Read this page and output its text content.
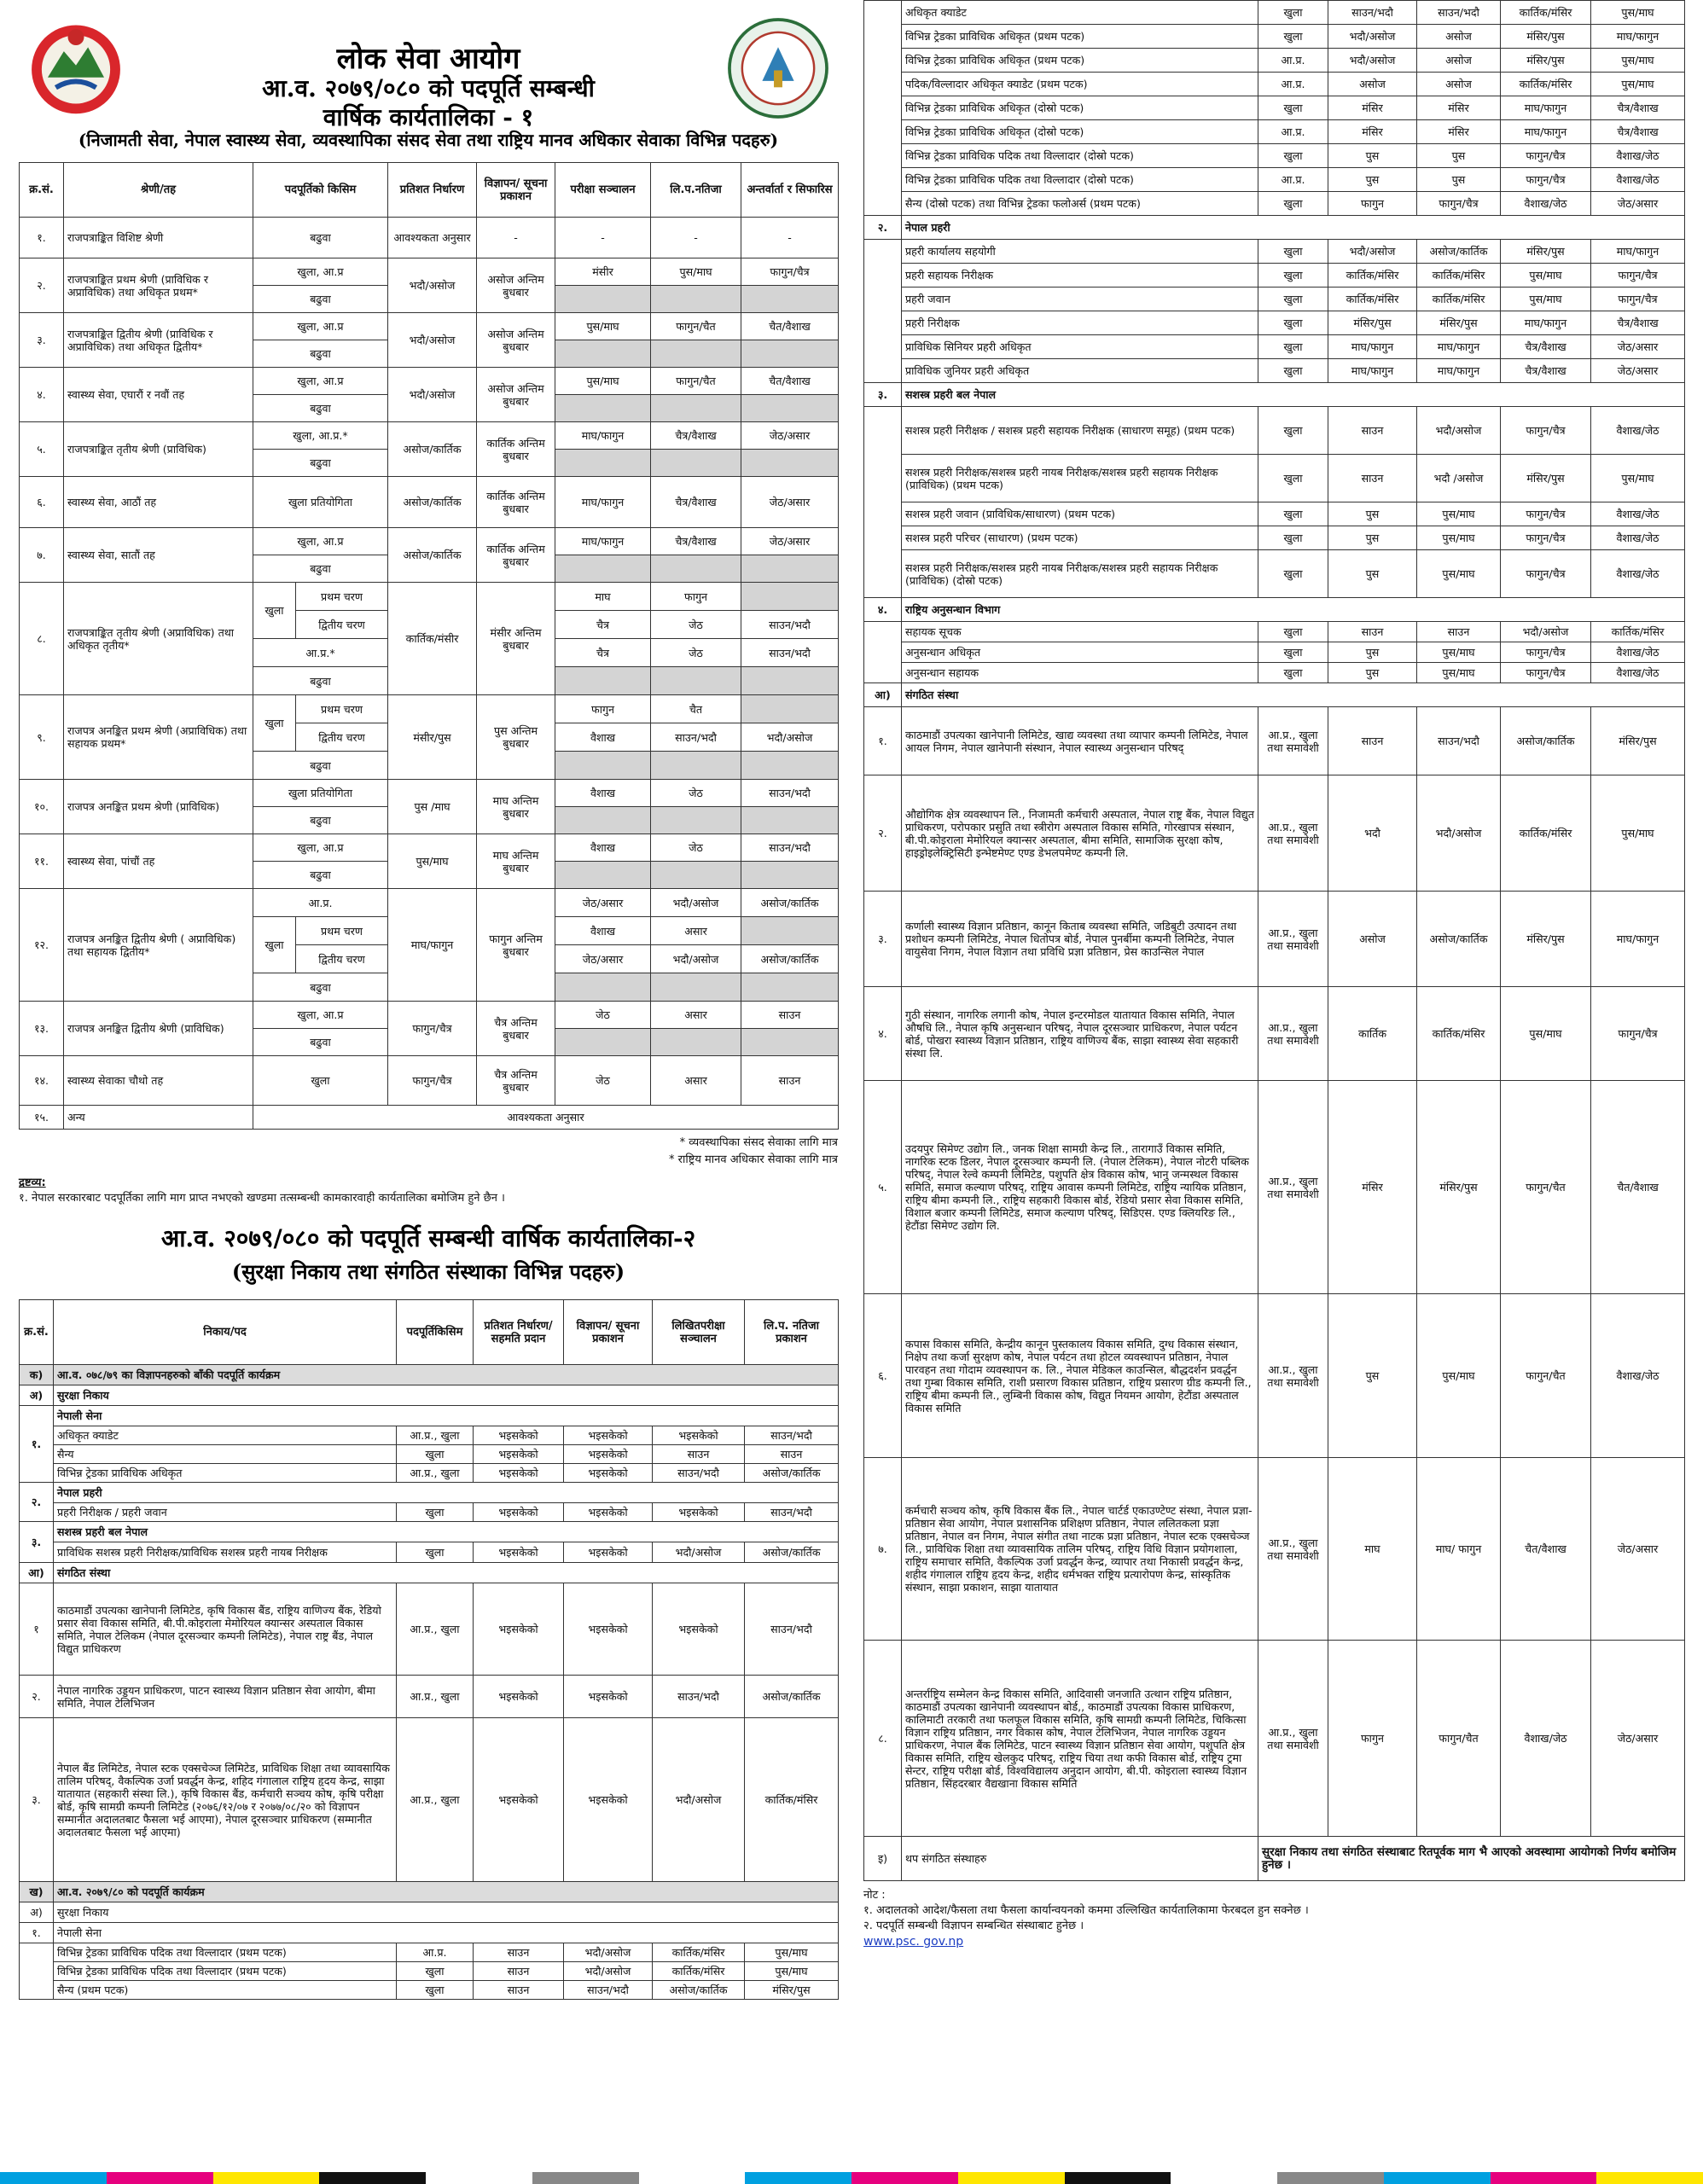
लोक सेवा आयोग
आ.व. २०७९/०८० को पदपूर्ति सम्बन्धी
वार्षिक कार्यतालिका - १
(निजामती सेवा, नेपाल स्वास्थ्य सेवा, व्यवस्थापिका संसद सेवा तथा राष्ट्रिय मानव अधिकार सेवाका विभिन्न पदहरु)
क्र.सं.	श्रेणी/तह	पदपूर्तिको किसिम		प्रतिशत निर्धारण	विज्ञापन/ सूचना प्रकाशन	परीक्षा सञ्चालन	लि.प.नतिजा	अन्तर्वार्ता र सिफारिस
१.	राजपत्राङ्कित विशिष्ट श्रेणी	बढुवा		आवश्यकता अनुसार	-	-	-	-
२.	राजपत्राङ्कित प्रथम श्रेणी (प्राविधिक र अप्राविधिक) तथा अधिकृत प्रथम*	खुला, आ.प्र		भदौ/असोज	असोज अन्तिम बुधबार	मंसीर	पुस/माघ	फागुन/चैत्र
		बढुवा						
३.	राजपत्राङ्कित द्वितीय श्रेणी (प्राविधिक र अप्राविधिक) तथा अधिकृत द्वितीय*	खुला, आ.प्र		भदौ/असोज	असोज अन्तिम बुधबार	पुस/माघ	फागुन/चैत	चैत/वैशाख
		बढुवा						
४.	स्वास्थ्य सेवा, एघारौं र नवौं तह	खुला, आ.प्र		भदौ/असोज	असोज अन्तिम बुधबार	पुस/माघ	फागुन/चैत	चैत/वैशाख
		बढुवा						
५.	राजपत्राङ्कित तृतीय श्रेणी (प्राविधिक)	खुला, आ.प्र.*		असोज/कार्तिक	कार्तिक अन्तिम बुधबार	माघ/फागुन	चैत्र/वैशाख	जेठ/असार
		बढुवा						
६.	स्वास्थ्य सेवा, आठौं तह	खुला प्रतियोगिता		असोज/कार्तिक	कार्तिक अन्तिम बुधबार	माघ/फागुन	चैत्र/वैशाख	जेठ/असार
७.	स्वास्थ्य सेवा, सातौं तह	खुला, आ.प्र		असोज/कार्तिक	कार्तिक अन्तिम बुधबार	माघ/फागुन	चैत्र/वैशाख	जेठ/असार
		बढुवा						
८.	राजपत्राङ्कित तृतीय श्रेणी (अप्राविधिक) तथा अधिकृत तृतीय*	खुला	प्रथम चरण	कार्तिक/मंसीर	मंसीर अन्तिम बुधबार	माघ	फागुन	
			द्वितीय चरण			चैत्र	जेठ	साउन/भदौ
		आ.प्र.*				चैत्र	जेठ	साउन/भदौ
		बढुवा						
९.	राजपत्र अनङ्कित प्रथम श्रेणी (अप्राविधिक) तथा सहायक प्रथम*	खुला	प्रथम चरण	मंसीर/पुस	पुस अन्तिम बुधबार	फागुन	चैत	
			द्वितीय चरण			वैशाख	साउन/भदौ	भदौ/असोज
		बढुवा						
१०.	राजपत्र अनङ्कित प्रथम श्रेणी (प्राविधिक)	खुला प्रतियोगिता		पुस /माघ	माघ अन्तिम बुधबार	वैशाख	जेठ	साउन/भदौ
		बढुवा						
११.	स्वास्थ्य सेवा, पांचौं तह	खुला, आ.प्र		पुस/माघ	माघ अन्तिम बुधबार	वैशाख	जेठ	साउन/भदौ
		बढुवा						
१२.	राजपत्र अनङ्कित द्वितीय श्रेणी ( अप्राविधिक) तथा सहायक द्वितीय*	आ.प्र.		माघ/फागुन	फागुन अन्तिम बुधबार	जेठ/असार	भदौ/असोज	असोज/कार्तिक
		खुला	प्रथम चरण			वैशाख	असार	
			द्वितीय चरण			जेठ/असार	भदौ/असोज	असोज/कार्तिक
		बढुवा						
१३.	राजपत्र अनङ्कित द्वितीय श्रेणी (प्राविधिक)	खुला, आ.प्र		फागुन/चैत्र	चैत्र अन्तिम बुधबार	जेठ	असार	साउन
		बढुवा						
१४.	स्वास्थ्य सेवाका चौथो तह	खुला		फागुन/चैत्र	चैत्र अन्तिम बुधबार	जेठ	असार	साउन
१५.	अन्य	आवश्यकता अनुसार						
* व्यवस्थापिका संसद सेवाका लागि मात्र
* राष्ट्रिय मानव अधिकार सेवाका लागि मात्र
द्रष्टव्य:
१. नेपाल सरकारबाट पदपूर्तिका लागि माग प्राप्त नभएको खण्डमा तत्सम्बन्धी कामकारवाही कार्यतालिका बमोजिम हुने छैन ।
आ.व. २०७९/०८० को पदपूर्ति सम्बन्धी वार्षिक कार्यतालिका-२
(सुरक्षा निकाय तथा संगठित संस्थाका विभिन्न पदहरु)
क्र.सं.	निकाय/पद	पदपूर्तिकिसिम	प्रतिशत निर्धारण/ सहमति प्रदान	विज्ञापन/ सूचना प्रकाशन	लिखितपरीक्षा सञ्चालन	लि.प. नतिजा प्रकाशन
क)	आ.व. ०७८/७९ का विज्ञापनहरुको बाँकी पदपूर्ति कार्यक्रम					
अ)	सुरक्षा निकाय					
१.	नेपाली सेना					
	अधिकृत क्याडेट	आ.प्र., खुला	भइसकेको	भइसकेको	भइसकेको	साउन/भदौ
	सैन्य	खुला	भइसकेको	भइसकेको	साउन	साउन
	विभिन्न ट्रेडका प्राविधिक अधिकृत	आ.प्र., खुला	भइसकेको	भइसकेको	साउन/भदौ	असोज/कार्तिक
२.	नेपाल प्रहरी					
	प्रहरी निरीक्षक / प्रहरी जवान	खुला	भइसकेको	भइसकेको	भइसकेको	साउन/भदौ
३.	सशस्त्र प्रहरी बल नेपाल					
	प्राविधिक सशस्त्र प्रहरी निरीक्षक/प्राविधिक सशस्त्र प्रहरी नायब निरीक्षक	खुला	भइसकेको	भइसकेको	भदौ/असोज	असोज/कार्तिक
आ)	संगठित संस्था					
१	काठमाडौं उपत्यका खानेपानी लिमिटेड, कृषि विकास बैंड, राष्ट्रिय वाणिज्य बैंक, रेडियो प्रसार सेवा विकास समिति, बी.पी.कोइराला मेमोरियल क्यान्सर अस्पताल विकास समिति, नेपाल टेलिकम (नेपाल दूरसञ्चार कम्पनी लिमिटेड), नेपाल राष्ट्र बैंड, नेपाल विद्युत प्राधिकरण	आ.प्र., खुला	भइसकेको	भइसकेको	भइसकेको	साउन/भदौ
२.	नेपाल नागरिक उड्डयन प्राधिकरण, पाटन स्वास्थ्य विज्ञान प्रतिष्ठान सेवा आयोग, बीमा समिति, नेपाल टेलिभिजन	आ.प्र., खुला	भइसकेको	भइसकेको	साउन/भदौ	असोज/कार्तिक
३.	नेपाल बैंड लिमिटेड, नेपाल स्टक एक्सचेञ्ज लिमिटेड, प्राविधिक शिक्षा तथा व्यावसायिक तालिम परिषद्, वैकल्पिक उर्जा प्रवर्द्धन केन्द्र, शहिद गंगालाल राष्ट्रिय हृदय केन्द्र, साझा यातायात (सहकारी संस्था लि.), कृषि विकास बैंड, कर्मचारी सञ्चय कोष, कृषि परीक्षा बोर्ड, कृषि सामग्री कम्पनी लिमिटेड (२०७६/१२/०७ र २०७७/०८/२० को विज्ञापन सम्मानीत अदालतबाट फैसला भई आएमा), नेपाल दूरसञ्चार प्राधिकरण (सम्मानीत अदालतबाट फैसला भई आएमा)	आ.प्र., खुला	भइसकेको	भइसकेको	भदौ/असोज	कार्तिक/मंसिर
ख)	आ.व. २०७९/८० को पदपूर्ति कार्यक्रम					
अ)	सुरक्षा निकाय					
१.	नेपाली सेना					
	विभिन्न ट्रेडका प्राविधिक पदिक तथा विल्लादार (प्रथम पटक)	आ.प्र.	साउन	भदौ/असोज	कार्तिक/मंसिर	पुस/माघ
	विभिन्न ट्रेडका प्राविधिक पदिक तथा विल्लादार (प्रथम पटक)	खुला	साउन	भदौ/असोज	कार्तिक/मंसिर	पुस/माघ
	सैन्य (प्रथम पटक)	खुला	साउन	साउन/भदौ	असोज/कार्तिक	मंसिर/पुस
	अधिकृत क्याडेट	खुला	साउन/भदौ	साउन/भदौ	कार्तिक/मंसिर	पुस/माघ
	विभिन्न ट्रेडका प्राविधिक अधिकृत (प्रथम पटक)	खुला	भदौ/असोज	असोज	मंसिर/पुस	माघ/फागुन
	विभिन्न ट्रेडका प्राविधिक अधिकृत (प्रथम पटक)	आ.प्र.	भदौ/असोज	असोज	मंसिर/पुस	पुस/माघ
	पदिक/विल्लादार अधिकृत क्याडेट (प्रथम पटक)	आ.प्र.	असोज	असोज	कार्तिक/मंसिर	पुस/माघ
	विभिन्न ट्रेडका प्राविधिक अधिकृत (दोस्रो पटक)	खुला	मंसिर	मंसिर	माघ/फागुन	चैत्र/वैशाख
	विभिन्न ट्रेडका प्राविधिक अधिकृत (दोस्रो पटक)	आ.प्र.	मंसिर	मंसिर	माघ/फागुन	चैत्र/वैशाख
	विभिन्न ट्रेडका प्राविधिक पदिक तथा विल्लादार (दोस्रो पटक)	खुला	पुस	पुस	फागुन/चैत्र	वैशाख/जेठ
	विभिन्न ट्रेडका प्राविधिक पदिक तथा विल्लादार (दोस्रो पटक)	आ.प्र.	पुस	पुस	फागुन/चैत्र	वैशाख/जेठ
	सैन्य (दोस्रो पटक) तथा विभिन्न ट्रेडका फलोअर्स (प्रथम पटक)	खुला	फागुन	फागुन/चैत्र	वैशाख/जेठ	जेठ/असार
२.	नेपाल प्रहरी					
	प्रहरी कार्यालय सहयोगी	खुला	भदौ/असोज	असोज/कार्तिक	मंसिर/पुस	माघ/फागुन
	प्रहरी सहायक निरीक्षक	खुला	कार्तिक/मंसिर	कार्तिक/मंसिर	पुस/माघ	फागुन/चैत्र
	प्रहरी जवान	खुला	कार्तिक/मंसिर	कार्तिक/मंसिर	पुस/माघ	फागुन/चैत्र
	प्रहरी निरीक्षक	खुला	मंसिर/पुस	मंसिर/पुस	माघ/फागुन	चैत्र/वैशाख
	प्राविधिक सिनियर प्रहरी अधिकृत	खुला	माघ/फागुन	माघ/फागुन	चैत्र/वैशाख	जेठ/असार
	प्राविधिक जुनियर प्रहरी अधिकृत	खुला	माघ/फागुन	माघ/फागुन	चैत्र/वैशाख	जेठ/असार
३.	सशस्त्र प्रहरी बल नेपाल					
	सशस्त्र प्रहरी निरीक्षक / सशस्त्र प्रहरी सहायक निरीक्षक (साधारण समूह) (प्रथम पटक)	खुला	साउन	भदौ/असोज	फागुन/चैत्र	वैशाख/जेठ
	सशस्त्र प्रहरी निरीक्षक/सशस्त्र प्रहरी नायब निरीक्षक/सशस्त्र प्रहरी सहायक निरीक्षक (प्राविधिक) (प्रथम पटक)	खुला	साउन	भदौ /असोज	मंसिर/पुस	पुस/माघ
	सशस्त्र प्रहरी जवान (प्राविधिक/साधारण) (प्रथम पटक)	खुला	पुस	पुस/माघ	फागुन/चैत्र	वैशाख/जेठ
	सशस्त्र प्रहरी परिचर (साधारण) (प्रथम पटक)	खुला	पुस	पुस/माघ	फागुन/चैत्र	वैशाख/जेठ
	सशस्त्र प्रहरी निरीक्षक/सशस्त्र प्रहरी नायब निरीक्षक/सशस्त्र प्रहरी सहायक निरीक्षक (प्राविधिक) (दोस्रो पटक)	खुला	पुस	पुस/माघ	फागुन/चैत्र	वैशाख/जेठ
४.	राष्ट्रिय अनुसन्धान विभाग					
	सहायक सूचक	खुला	साउन	साउन	भदौ/असोज	कार्तिक/मंसिर
	अनुसन्धान अधिकृत	खुला	पुस	पुस/माघ	फागुन/चैत्र	वैशाख/जेठ
	अनुसन्धान सहायक	खुला	पुस	पुस/माघ	फागुन/चैत्र	वैशाख/जेठ
आ)	संगठित संस्था					
१.	काठमाडौं उपत्यका खानेपानी लिमिटेड, खाद्य व्यवस्था तथा व्यापार कम्पनी लिमिटेड, नेपाल आयल निगम, नेपाल खानेपानी संस्थान, नेपाल स्वास्थ्य अनुसन्धान परिषद्	आ.प्र., खुला तथा समावेशी	साउन	साउन/भदौ	असोज/कार्तिक	मंसिर/पुस
२.	औद्योगिक क्षेत्र व्यवस्थापन लि., निजामती कर्मचारी अस्पताल, नेपाल राष्ट्र बैंक, नेपाल विद्युत प्राधिकरण, परोपकार प्रसुति तथा स्त्रीरोग अस्पताल विकास समिति, गोरखापत्र संस्थान, बी.पी.कोइराला मेमोरियल क्यान्सर अस्पताल, बीमा समिति, सामाजिक सुरक्षा कोष, हाइड्रोइलेक्ट्रिसिटी इन्भेष्टमेण्ट एण्ड डेभलपमेण्ट कम्पनी लि.	आ.प्र., खुला तथा समावेशी	भदौ	भदौ/असोज	कार्तिक/मंसिर	पुस/माघ
३.	कर्णाली स्वास्थ्य विज्ञान प्रतिष्ठान, कानून किताब व्यवस्था समिति, जडिबुटी उत्पादन तथा प्रशोधन कम्पनी लिमिटेड, नेपाल धितोपत्र बोर्ड, नेपाल पुनर्बीमा कम्पनी लिमिटेड, नेपाल वायुसेवा निगम, नेपाल विज्ञान तथा प्रविधि प्रज्ञा प्रतिष्ठान, प्रेस काउन्सिल नेपाल	आ.प्र., खुला तथा समावेशी	असोज	असोज/कार्तिक	मंसिर/पुस	माघ/फागुन
४.	गुठी संस्थान, नागरिक लगानी कोष, नेपाल इन्टरमोडल यातायात विकास समिति, नेपाल औषधि लि., नेपाल कृषि अनुसन्धान परिषद्, नेपाल दूरसञ्चार प्राधिकरण, नेपाल पर्यटन बोर्ड, पोखरा स्वास्थ्य विज्ञान प्रतिष्ठान, राष्ट्रिय वाणिज्य बैंक, साझा स्वास्थ्य सेवा सहकारी संस्था लि.	आ.प्र., खुला तथा समावेशी	कार्तिक	कार्तिक/मंसिर	पुस/माघ	फागुन/चैत्र
५.	उदयपुर सिमेण्ट उद्योग लि., जनक शिक्षा सामग्री केन्द्र लि., तारागाउँ विकास समिति, नागरिक स्टक डिलर, नेपाल दूरसञ्चार कम्पनी लि. (नेपाल टेलिकम), नेपाल नोटरी पब्लिक परिषद्, नेपाल रेल्वे कम्पनी लिमिटेड, पशुपति क्षेत्र विकास कोष, भानु जन्मस्थल विकास समिति, समाज कल्याण परिषद्, राष्ट्रिय आवास कम्पनी लिमिटेड, राष्ट्रिय न्यायिक प्रतिष्ठान, राष्ट्रिय बीमा कम्पनी लि., राष्ट्रिय सहकारी विकास बोर्ड, रेडियो प्रसार सेवा विकास समिति, विशाल बजार कम्पनी लिमिटेड, समाज कल्याण परिषद्, सिडिएस. एण्ड क्लियरिङ लि., हेटौंडा सिमेण्ट उद्योग लि.	आ.प्र., खुला तथा समावेशी	मंसिर	मंसिर/पुस	फागुन/चैत	चैत/वैशाख
६.	कपास विकास समिति, केन्द्रीय कानून पुस्तकालय विकास समिति, दुग्ध विकास संस्थान, निक्षेप तथा कर्जा सुरक्षण कोष, नेपाल पर्यटन तथा होटल व्यवस्थापन प्रतिष्ठान, नेपाल पारवहन तथा गोदाम व्यवस्थापन क. लि., नेपाल मेडिकल काउन्सिल, बौद्धदर्शन प्रवर्द्धन तथा गुम्बा विकास समिति, राशी प्रसारण विकास प्रतिष्ठान, राष्ट्रिय प्रसारण ग्रीड कम्पनी लि., राष्ट्रिय बीमा कम्पनी लि., लुम्बिनी विकास कोष, विद्युत नियमन आयोग, हेटौंडा अस्पताल विकास समिति	आ.प्र., खुला तथा समावेशी	पुस	पुस/माघ	फागुन/चैत	वैशाख/जेठ
७.	कर्मचारी सञ्चय कोष, कृषि विकास बैंक लि., नेपाल चार्टर्ड एकाउण्टेण्ट संस्था, नेपाल प्रज्ञा-प्रतिष्ठान सेवा आयोग, नेपाल प्रशासनिक प्रशिक्षण प्रतिष्ठान, नेपाल ललितकला प्रज्ञा प्रतिष्ठान, नेपाल वन निगम, नेपाल संगीत तथा नाटक प्रज्ञा प्रतिष्ठान, नेपाल स्टक एक्सचेञ्ज लि., प्राविधिक शिक्षा तथा व्यावसायिक तालिम परिषद्, राष्ट्रिय विधि विज्ञान प्रयोगशाला, राष्ट्रिय समाचार समिति, वैकल्पिक उर्जा प्रवर्द्धन केन्द्र, व्यापार तथा निकासी प्रवर्द्धन केन्द्र, शहीद गंगालाल राष्ट्रिय हृदय केन्द्र, शहीद धर्मभक्त राष्ट्रिय प्रत्यारोपण केन्द्र, सांस्कृतिक संस्थान, साझा प्रकाशन, साझा यातायात	आ.प्र., खुला तथा समावेशी	माघ	माघ/ फागुन	चैत/वैशाख	जेठ/असार
८.	अन्तर्राष्ट्रिय सम्मेलन केन्द्र विकास समिति, आदिवासी जनजाति उत्थान राष्ट्रिय प्रतिष्ठान, काठमाडौं उपत्यका खानेपानी व्यवस्थापन बोर्ड,, काठमाडौं उपत्यका विकास प्राधिकरण, कालिमाटी तरकारी तथा फलफूल विकास समिति, कृषि सामग्री कम्पनी लिमिटेड, चिकित्सा विज्ञान राष्ट्रिय प्रतिष्ठान, नगर विकास कोष, नेपाल टेलिभिजन, नेपाल नागरिक उड्डयन प्राधिकरण, नेपाल बैंक लिमिटेड, पाटन स्वास्थ्य विज्ञान प्रतिष्ठान सेवा आयोग, पशुपति क्षेत्र विकास समिति, राष्ट्रिय खेलकुद परिषद्, राष्ट्रिय चिया तथा कफी विकास बोर्ड, राष्ट्रिय ट्रमा सेन्टर, राष्ट्रिय परीक्षा बोर्ड, विश्वविद्यालय अनुदान आयोग, बी.पी. कोइराला स्वास्थ्य विज्ञान प्रतिष्ठान, सिंहदरबार वैद्यखाना विकास समिति	आ.प्र., खुला तथा समावेशी	फागुन	फागुन/चैत	वैशाख/जेठ	जेठ/असार
इ)	थप संगठित संस्थाहरु	सुरक्षा निकाय तथा संगठित संस्थाबाट रितपूर्वक माग भै आएको अवस्थामा आयोगको निर्णय बमोजिम हुनेछ ।				
नोट :
१. अदालतको आदेश/फैसला तथा फैसला कार्यान्वयनको कममा उल्लिखित कार्यतालिकामा फेरबदल हुन सक्नेछ ।
२. पदपूर्ति सम्बन्धी विज्ञापन सम्बन्धित संस्थाबाट हुनेछ ।
www.psc. gov.np
